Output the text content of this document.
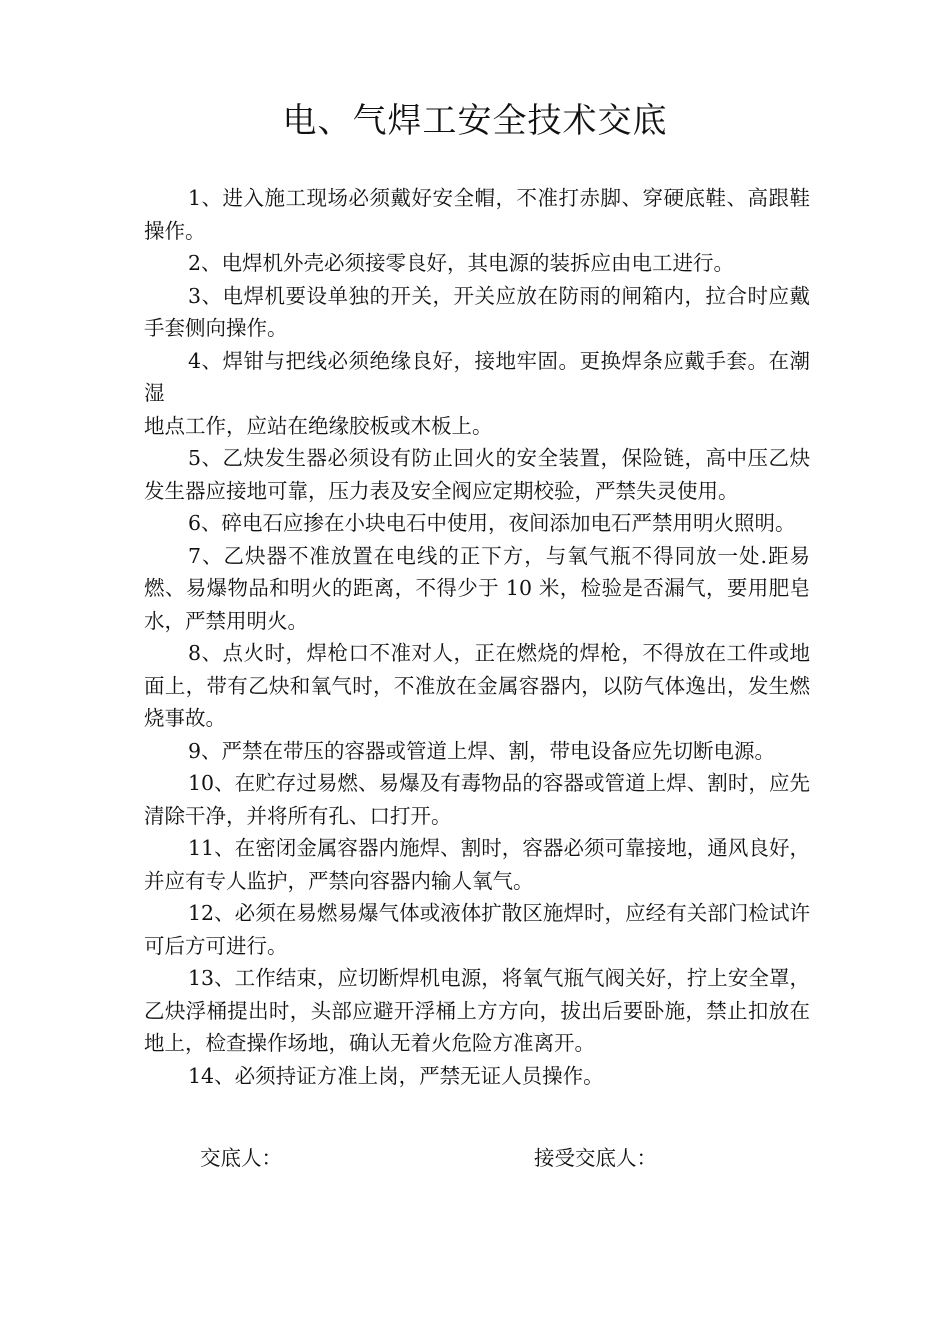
电、气焊工安全技术交底

1、进入施工现场必须戴好安全帽，不准打赤脚、穿硬底鞋、高跟鞋操作。

2、电焊机外壳必须接零良好，其电源的装拆应由电工进行。

3、电焊机要设单独的开关，开关应放在防雨的闸箱内，拉合时应戴手套侧向操作。

4、焊钳与把线必须绝缘良好，接地牢固。更换焊条应戴手套。在潮湿

地点工作，应站在绝缘胶板或木板上。

5、乙炔发生器必须设有防止回火的安全装置，保险链，高中压乙炔发生器应接地可靠，压力表及安全阀应定期校验，严禁失灵使用。

6、碎电石应掺在小块电石中使用，夜间添加电石严禁用明火照明。

7、乙炔器不准放置在电线的正下方，与氧气瓶不得同放一处.距易燃、易爆物品和明火的距离，不得少于 10 米，检验是否漏气，要用肥皂水，严禁用明火。

8、点火时，焊枪口不准对人，正在燃烧的焊枪，不得放在工件或地面上，带有乙炔和氧气时，不准放在金属容器内，以防气体逸出，发生燃烧事故。

9、严禁在带压的容器或管道上焊、割，带电设备应先切断电源。

10、在贮存过易燃、易爆及有毒物品的容器或管道上焊、割时，应先清除干净，并将所有孔、口打开。

11、在密闭金属容器内施焊、割时，容器必须可靠接地，通风良好，并应有专人监护，严禁向容器内输人氧气。

12、必须在易燃易爆气体或液体扩散区施焊时，应经有关部门检试许可后方可进行。

13、工作结束，应切断焊机电源，将氧气瓶气阀关好，拧上安全罩，乙炔浮桶提出时，头部应避开浮桶上方方向，拔出后要卧施，禁止扣放在地上，检查操作场地，确认无着火危险方准离开。

14、必须持证方准上岗，严禁无证人员操作。

交底人：	接受交底人：
